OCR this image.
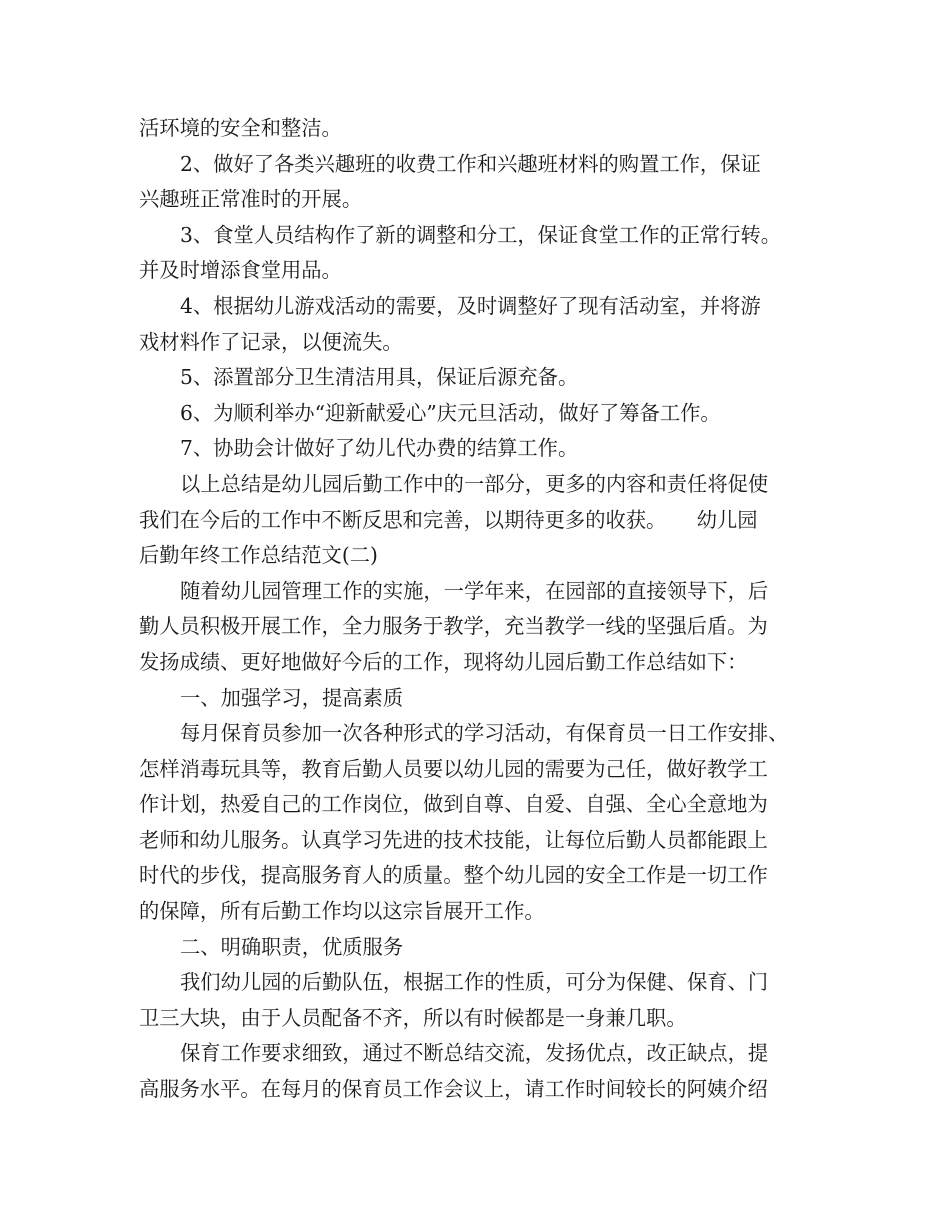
活环境的安全和整洁。
2、做好了各类兴趣班的收费工作和兴趣班材料的购置工作，保证
兴趣班正常准时的开展。
3、食堂人员结构作了新的调整和分工，保证食堂工作的正常行转。
并及时增添食堂用品。
4、根据幼儿游戏活动的需要，及时调整好了现有活动室，并将游
戏材料作了记录，以便流失。
5、添置部分卫生清洁用具，保证后源充备。
6、为顺利举办“迎新献爱心”庆元旦活动，做好了筹备工作。
7、协助会计做好了幼儿代办费的结算工作。
以上总结是幼儿园后勤工作中的一部分，更多的内容和责任将促使
我们在今后的工作中不断反思和完善，以期待更多的收获。　　幼儿园
后勤年终工作总结范文(二)
随着幼儿园管理工作的实施，一学年来，在园部的直接领导下，后
勤人员积极开展工作，全力服务于教学，充当教学一线的坚强后盾。为
发扬成绩、更好地做好今后的工作，现将幼儿园后勤工作总结如下：
一、加强学习，提高素质
每月保育员参加一次各种形式的学习活动，有保育员一日工作安排、
怎样消毒玩具等，教育后勤人员要以幼儿园的需要为己任，做好教学工
作计划，热爱自己的工作岗位，做到自尊、自爱、自强、全心全意地为
老师和幼儿服务。认真学习先进的技术技能，让每位后勤人员都能跟上
时代的步伐，提高服务育人的质量。整个幼儿园的安全工作是一切工作
的保障，所有后勤工作均以这宗旨展开工作。
二、明确职责，优质服务
我们幼儿园的后勤队伍，根据工作的性质，可分为保健、保育、门
卫三大块，由于人员配备不齐，所以有时候都是一身兼几职。
保育工作要求细致，通过不断总结交流，发扬优点，改正缺点，提
高服务水平。在每月的保育员工作会议上，请工作时间较长的阿姨介绍
